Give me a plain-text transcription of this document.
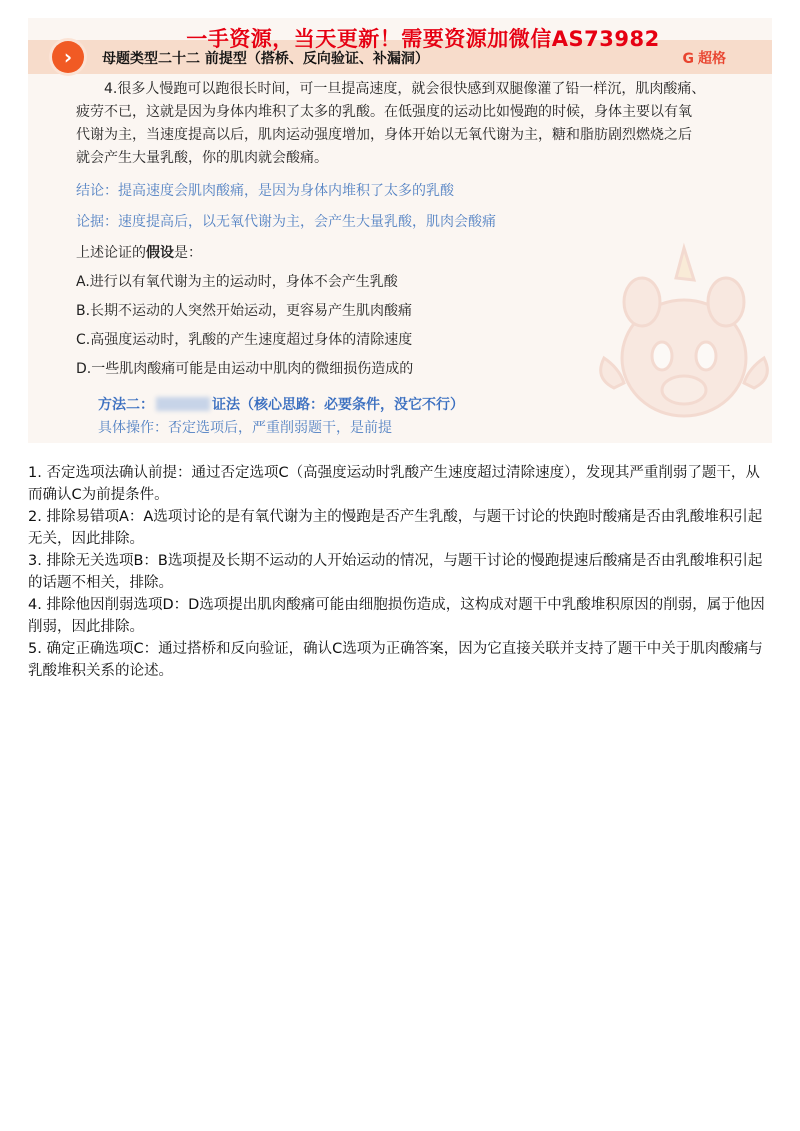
›	母题类型二十二 前提型（搭桥、反向验证、补漏洞）	G 超格
一手资源，当天更新！需要资源加微信AS73982
4.很多人慢跑可以跑很长时间，可一旦提高速度，就会很快感到双腿像灌了铅一样沉，肌肉酸痛、
疲劳不已，这就是因为身体内堆积了太多的乳酸。在低强度的运动比如慢跑的时候，身体主要以有氧
代谢为主，当速度提高以后，肌肉运动强度增加，身体开始以无氧代谢为主，糖和脂肪剧烈燃烧之后
就会产生大量乳酸，你的肌肉就会酸痛。
结论：提高速度会肌肉酸痛，是因为身体内堆积了太多的乳酸
论据：速度提高后，以无氧代谢为主，会产生大量乳酸，肌肉会酸痛
上述论证的假设是：
A.进行以有氧代谢为主的运动时，身体不会产生乳酸
B.长期不运动的人突然开始运动，更容易产生肌肉酸痛
C.高强度运动时，乳酸的产生速度超过身体的清除速度
D.一些肌肉酸痛可能是由运动中肌肉的微细损伤造成的
方法二：	证法（核心思路：必要条件，没它不行）
具体操作：否定选项后，严重削弱题干，是前提

1. 否定选项法确认前提：通过否定选项C（高强度运动时乳酸产生速度超过清除速度），发现其严重削弱了题干，从而确认C为前提条件。

2. 排除易错项A：A选项讨论的是有氧代谢为主的慢跑是否产生乳酸，与题干讨论的快跑时酸痛是否由乳酸堆积引起无关，因此排除。

3. 排除无关选项B：B选项提及长期不运动的人开始运动的情况，与题干讨论的慢跑提速后酸痛是否由乳酸堆积引起的话题不相关，排除。

4. 排除他因削弱选项D：D选项提出肌肉酸痛可能由细胞损伤造成，这构成对题干中乳酸堆积原因的削弱，属于他因削弱，因此排除。

5. 确定正确选项C：通过搭桥和反向验证，确认C选项为正确答案，因为它直接关联并支持了题干中关于肌肉酸痛与乳酸堆积关系的论述。
